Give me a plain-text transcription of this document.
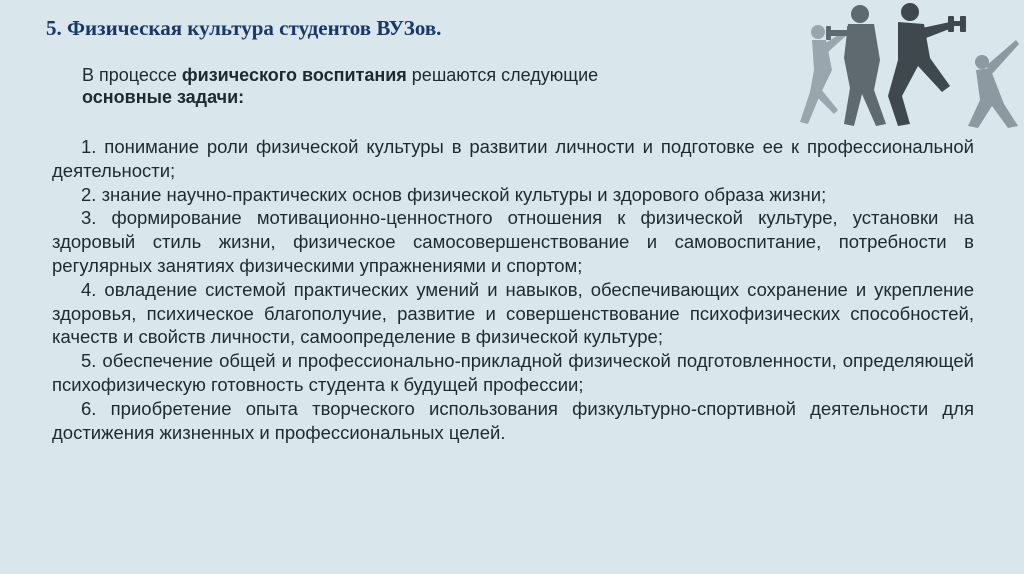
5. Физическая культура студентов ВУЗов.
В процессе физического воспитания решаются следующие
основные задачи:

1. понимание роли физической культуры в развитии личности и подготовке ее к профессиональной деятельности;

2. знание научно-практических основ физической культуры и здорового образа жизни;

3. формирование мотивационно-ценностного отношения к физической культуре, установки на здоровый стиль жизни, физическое самосовершенствование и самовоспитание, потребности в регулярных занятиях физическими упражнениями и спортом;

4. овладение системой практических умений и навыков, обеспечивающих сохранение и укрепление здоровья, психическое благополучие, развитие и совершенствование психофизических способностей, качеств и свойств личности, самоопределение в физической культуре;

5. обеспечение общей и профессионально-прикладной физической подготовленности, определяющей психофизическую готовность студента к будущей профессии;

6. приобретение опыта творческого использования физкультурно-спортивной деятельности для достижения жизненных и профессиональных целей.
